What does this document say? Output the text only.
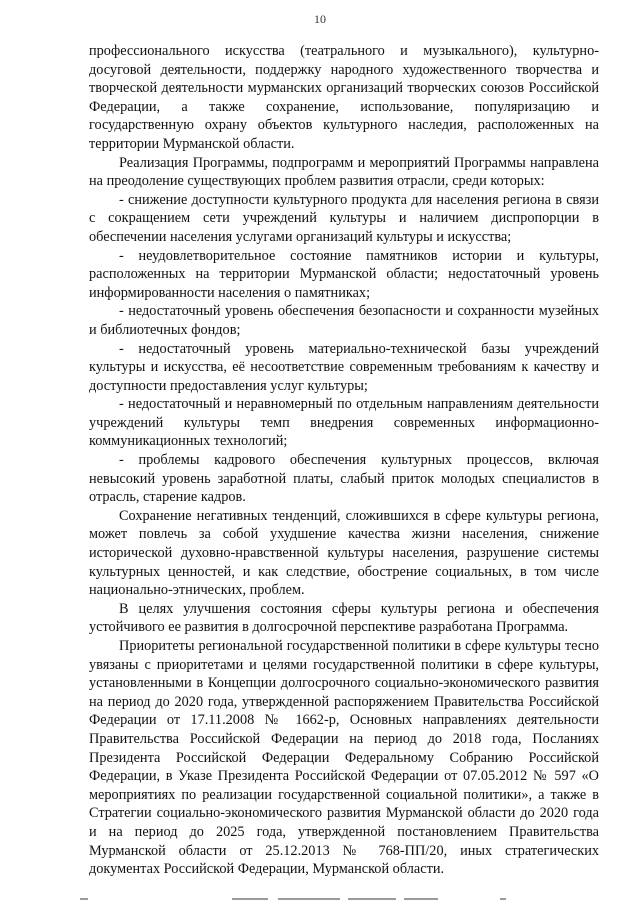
10

профессионального искусства (театрального и музыкального), культурно-досуговой деятельности, поддержку народного художественного творчества и творческой деятельности мурманских организаций творческих союзов Российской Федерации, а также сохранение, использование, популяризацию и государственную охрану объектов культурного наследия, расположенных на территории Мурманской области.

Реализация Программы, подпрограмм и мероприятий Программы направлена на преодоление существующих проблем развития отрасли, среди которых:

- снижение доступности культурного продукта для населения региона в связи с сокращением сети учреждений культуры и наличием диспропорции в обеспечении населения услугами организаций культуры и искусства;

- неудовлетворительное состояние памятников истории и культуры, расположенных на территории Мурманской области; недостаточный уровень информированности населения о памятниках;

- недостаточный уровень обеспечения безопасности и сохранности музейных и библиотечных фондов;

- недостаточный уровень материально-технической базы учреждений культуры и искусства, её несоответствие современным требованиям к качеству и доступности предоставления услуг культуры;

- недостаточный и неравномерный по отдельным направлениям деятельности учреждений культуры темп внедрения современных информационно-коммуникационных технологий;

- проблемы кадрового обеспечения культурных процессов, включая невысокий уровень заработной платы, слабый приток молодых специалистов в отрасль, старение кадров.

Сохранение негативных тенденций, сложившихся в сфере культуры региона, может повлечь за собой ухудшение качества жизни населения, снижение исторической духовно-нравственной культуры населения, разрушение системы культурных ценностей, и как следствие, обострение социальных, в том числе национально-этнических, проблем.

В целях улучшения состояния сферы культуры региона и обеспечения устойчивого ее развития в долгосрочной перспективе разработана Программа.

Приоритеты региональной государственной политики в сфере культуры тесно увязаны с приоритетами и целями государственной политики в сфере культуры, установленными в Концепции долгосрочного социально-экономического развития на период до 2020 года, утвержденной распоряжением Правительства Российской Федерации от 17.11.2008 № 1662-р, Основных направлениях деятельности Правительства Российской Федерации на период до 2018 года, Посланиях Президента Российской Федерации Федеральному Собранию Российской Федерации, в Указе Президента Российской Федерации от 07.05.2012 № 597 «О мероприятиях по реализации государственной социальной политики», а также в Стратегии социально-экономического развития Мурманской области до 2020 года и на период до 2025 года, утвержденной постановлением Правительства Мурманской области от 25.12.2013 № 768-ПП/20, иных стратегических документах Российской Федерации, Мурманской области.
